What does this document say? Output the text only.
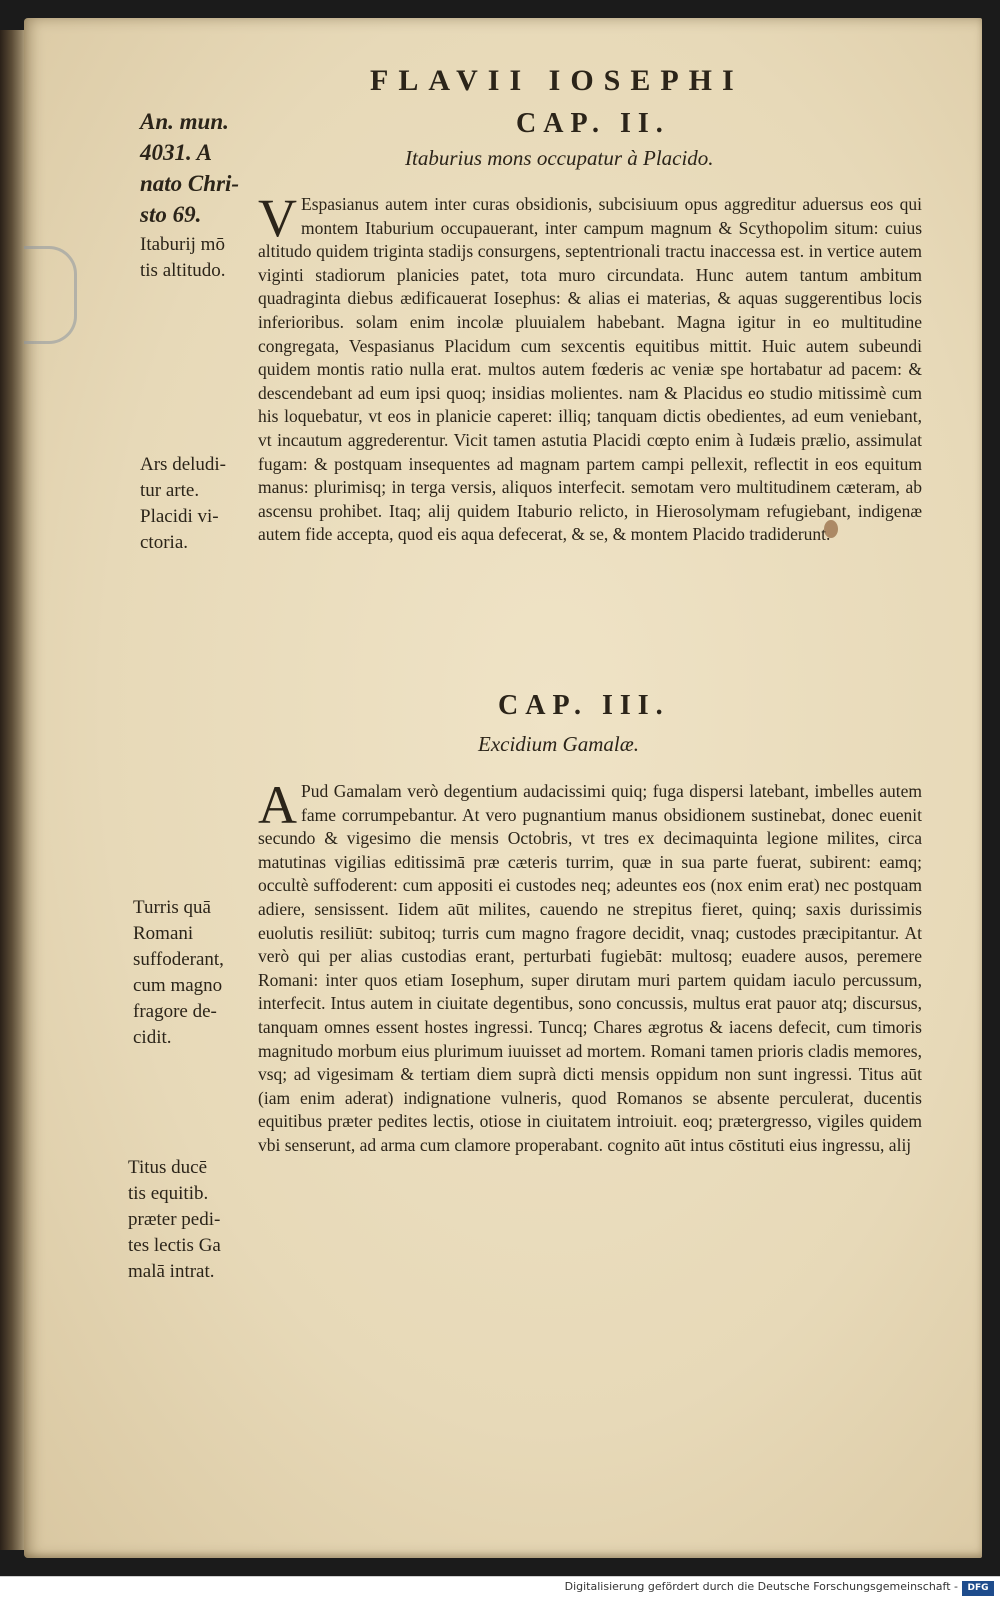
FLAVII IOSEPHI
An. mun.
4031. A
nato Chri-
sto 69.
CAP. II.
Itaburius mons occupatur à Placido.
Itaburij mō
tis altitudo.
V Espasianus autem inter curas obsidionis, subcisiuum opus aggreditur aduersus eos qui montem Itaburium occupauerant, inter campum magnum & Scythopolim situm: cuius altitudo quidem triginta stadijs consurgens, septentrionali tractu inaccessa est. in vertice autem viginti stadiorum planicies patet, tota muro circundata. Hunc autem tantum ambitum quadraginta diebus ædificauerat Iosephus: & alias ei materias, & aquas suggerentibus locis inferioribus. solam enim incolæ pluuialem habebant. Magna igitur in eo multitudine congregata, Vespasianus Placidum cum sexcentis equitibus mittit. Huic autem subeundi quidem montis ratio nulla erat. multos autem fœderis ac veniæ spe hortabatur ad pacem: & descendebant ad eum ipsi quoq; insidias molientes. nam & Placidus eo studio mitissimè cum his loquebatur, vt eos in planicie caperet: illiq; tanquam dictis obedientes, ad eum veniebant, vt incautum aggrederentur. Vicit tamen astutia Placidi cœpto enim à Iudæis prælio, assimulat fugam: & postquam insequentes ad magnam partem campi pellexit, reflectit in eos equitum manus: plurimisq; in terga versis, aliquos interfecit. semotam vero multitudinem cæteram, ab ascensu prohibet. Itaq; alij quidem Itaburio relicto, in Hierosolymam refugiebant, indigenæ autem fide accepta, quod eis aqua defecerat, & se, & montem Placido tradiderunt.
Ars deludi-
tur arte.
Placidi vi-
ctoria.
CAP. III.
Excidium Gamalæ.
A Pud Gamalam verò degentium audacissimi quiq; fuga dispersi latebant, imbelles autem fame corrumpebantur. At vero pugnantium manus obsidionem sustinebat, donec euenit secundo & vigesimo die mensis Octobris, vt tres ex decimaquinta legione milites, circa matutinas vigilias editissimā præ cæteris turrim, quæ in sua parte fuerat, subirent: eamq; occultè suffoderent: cum appositi ei custodes neq; adeuntes eos (nox enim erat) nec postquam adiere, sensissent. Iidem aūt milites, cauendo ne strepitus fieret, quinq; saxis durissimis euolutis resiliūt: subitoq; turris cum magno fragore decidit, vnaq; custodes præcipitantur. At verò qui per alias custodias erant, perturbati fugiebāt: multosq; euadere ausos, peremere Romani: inter quos etiam Iosephum, super dirutam muri partem quidam iaculo percussum, interfecit. Intus autem in ciuitate degentibus, sono concussis, multus erat pauor atq; discursus, tanquam omnes essent hostes ingressi. Tuncq; Chares ægrotus & iacens defecit, cum timoris magnitudo morbum eius plurimum iuuisset ad mortem. Romani tamen prioris cladis memores, vsq; ad vigesimam & tertiam diem suprà dicti mensis oppidum non sunt ingressi. Titus aūt (iam enim aderat) indignatione vulneris, quod Romanos se absente perculerat, ducentis equitibus præter pedites lectis, otiose in ciuitatem introiuit. eoq; prætergresso, vigiles quidem vbi senserunt, ad arma cum clamore properabant. cognito aūt intus cōstituti eius ingressu, alij
Turris quā
Romani
suffoderant,
cum magno
fragore de-
cidit.
Titus ducē
tis equitib.
præter pedi-
tes lectis Ga
malā intrat.
Digitalisierung gefördert durch die Deutsche Forschungsgemeinschaft -	DFG
